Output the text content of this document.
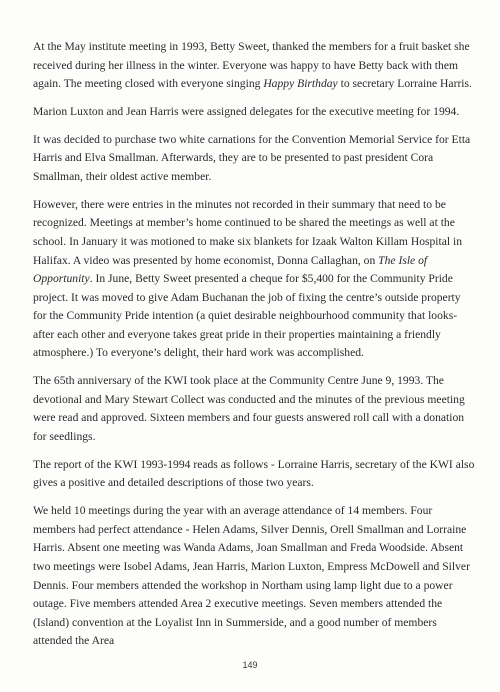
At the May institute meeting in 1993, Betty Sweet, thanked the members for a fruit basket she received during her illness in the winter. Everyone was happy to have Betty back with them again. The meeting closed with everyone singing Happy Birthday to secretary Lorraine Harris.

Marion Luxton and Jean Harris were assigned delegates for the executive meeting for 1994.

It was decided to purchase two white carnations for the Convention Memorial Service for Etta Harris and Elva Smallman. Afterwards, they are to be presented to past president Cora Smallman, their oldest active member.

However, there were entries in the minutes not recorded in their summary that need to be recognized. Meetings at member’s home continued to be shared the meetings as well at the school. In January it was motioned to make six blankets for Izaak Walton Killam Hospital in Halifax. A video was presented by home economist, Donna Callaghan, on The Isle of Opportunity. In June, Betty Sweet presented a cheque for $5,400 for the Community Pride project. It was moved to give Adam Buchanan the job of fixing the centre’s outside property for the Community Pride intention (a quiet desirable neighbourhood community that looks-after each other and everyone takes great pride in their properties maintaining a friendly atmosphere.) To everyone’s delight, their hard work was accomplished.

The 65th anniversary of the KWI took place at the Community Centre June 9, 1993. The devotional and Mary Stewart Collect was conducted and the minutes of the previous meeting were read and approved. Sixteen members and four guests answered roll call with a donation for seedlings.

The report of the KWI 1993-1994 reads as follows - Lorraine Harris, secretary of the KWI also gives a positive and detailed descriptions of those two years.

We held 10 meetings during the year with an average attendance of 14 members. Four members had perfect attendance - Helen Adams, Silver Dennis, Orell Smallman and Lorraine Harris. Absent one meeting was Wanda Adams, Joan Smallman and Freda Woodside. Absent two meetings were Isobel Adams, Jean Harris, Marion Luxton, Empress McDowell and Silver Dennis. Four members attended the workshop in Northam using lamp light due to a power outage. Five members attended Area 2 executive meetings. Seven members attended the (Island) convention at the Loyalist Inn in Summerside, and a good number of members attended the Area

149
